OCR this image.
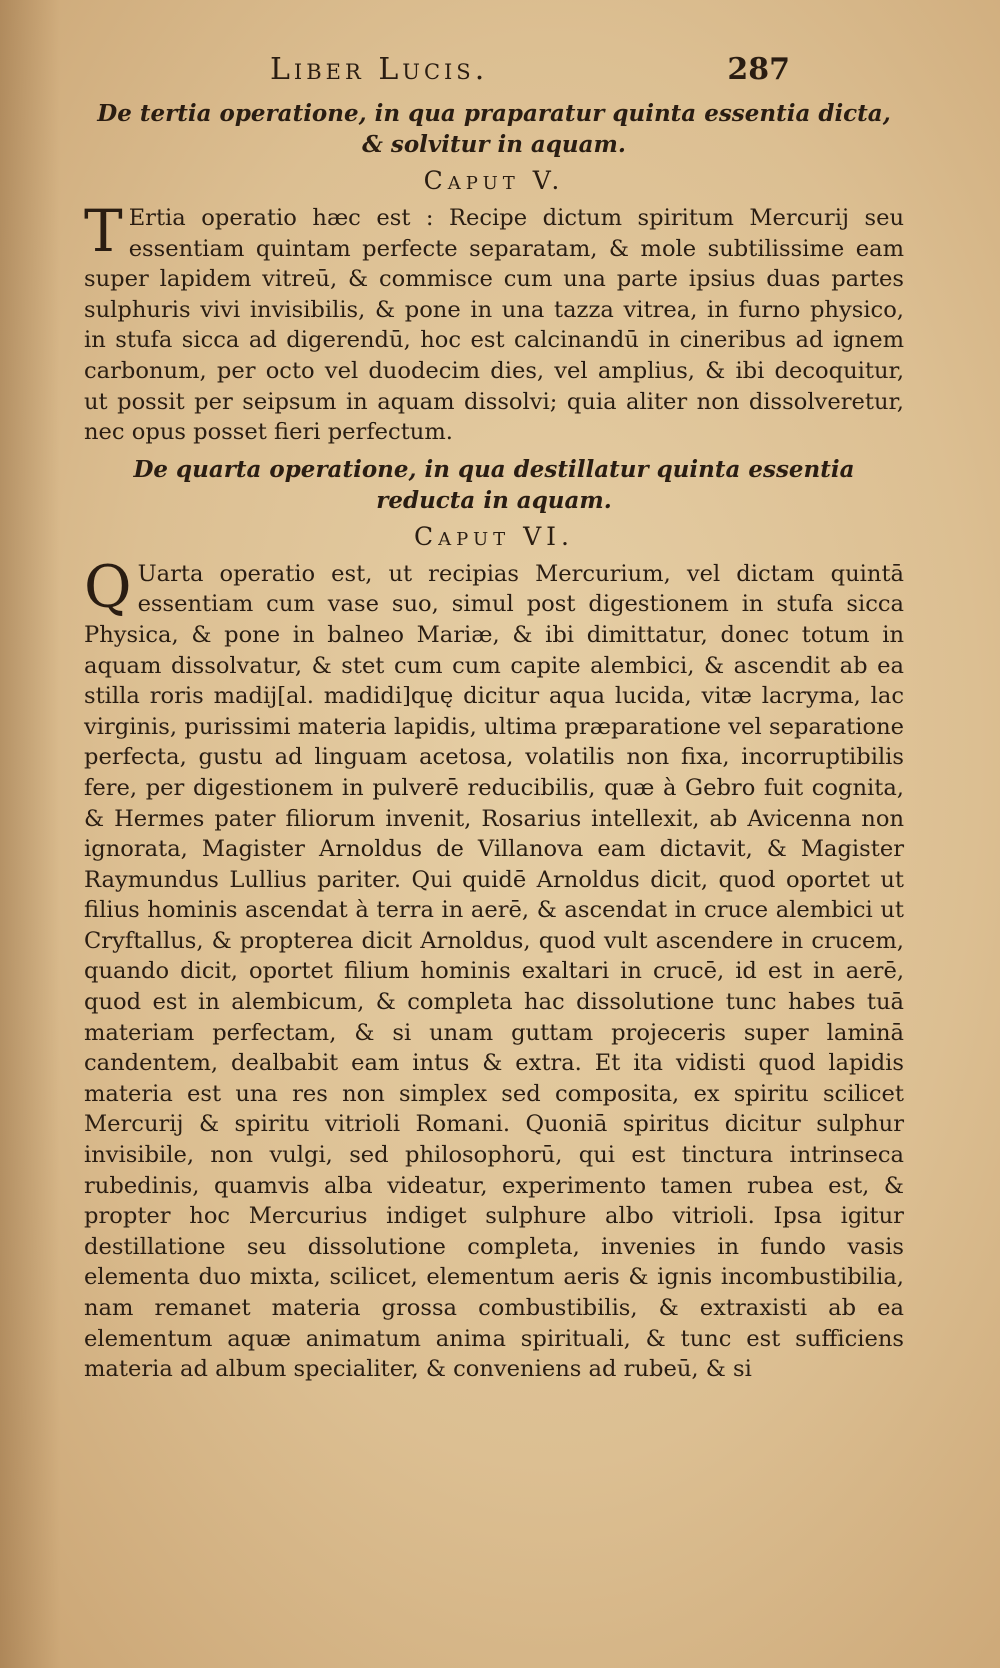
Liber Lucis.	287
De tertia operatione, in qua praparatur quinta essentia dicta, & solvitur in aquam.
Caput V.
T Ertia operatio hæc est : Recipe dictum spiritum Mercurij seu essentiam quintam perfecte separatam, & mole subtilissime eam super lapidem vitreū, & commisce cum una parte ipsius duas partes sulphuris vivi invisibilis, & pone in una tazza vitrea, in furno physico, in stufa sicca ad digerendū, hoc est calcinandū in cineribus ad ignem carbonum, per octo vel duodecim dies, vel amplius, & ibi decoquitur, ut possit per seipsum in aquam dissolvi; quia aliter non dissolveretur, nec opus posset fieri perfectum.
De quarta operatione, in qua destillatur quinta essentia reducta in aquam.
Caput VI.
Q Uarta operatio est, ut recipias Mercurium, vel dictam quintā essentiam cum vase suo, simul post digestionem in stufa sicca Physica, & pone in balneo Mariæ, & ibi dimittatur, donec totum in aquam dissolvatur, & stet cum cum capite alembici, & ascendit ab ea stilla roris madij[al. madidi]quę dicitur aqua lucida, vitæ lacryma, lac virginis, purissimi materia lapidis, ultima præparatione vel separatione perfecta, gustu ad linguam acetosa, volatilis non fixa, incorruptibilis fere, per digestionem in pulverē reducibilis, quæ à Gebro fuit cognita, & Hermes pater filiorum invenit, Rosarius intellexit, ab Avicenna non ignorata, Magister Arnoldus de Villanova eam dictavit, & Magister Raymundus Lullius pariter. Qui quidē Arnoldus dicit, quod oportet ut filius hominis ascendat à terra in aerē, & ascendat in cruce alembici ut Cryftallus, & propterea dicit Arnoldus, quod vult ascendere in crucem, quando dicit, oportet filium hominis exaltari in crucē, id est in aerē, quod est in alembicum, & completa hac dissolutione tunc habes tuā materiam perfectam, & si unam guttam projeceris super laminā candentem, dealbabit eam intus & extra. Et ita vidisti quod lapidis materia est una res non simplex sed composita, ex spiritu scilicet Mercurij & spiritu vitrioli Romani. Quoniā spiritus dicitur sulphur invisibile, non vulgi, sed philosophorū, qui est tinctura intrinseca rubedinis, quamvis alba videatur, experimento tamen rubea est, & propter hoc Mercurius indiget sulphure albo vitrioli. Ipsa igitur destillatione seu dissolutione completa, invenies in fundo vasis elementa duo mixta, scilicet, elementum aeris & ignis incombustibilia, nam remanet materia grossa combustibilis, & extraxisti ab ea elementum aquæ animatum anima spirituali, & tunc est sufficiens materia ad album specialiter, & conveniens ad rubeū, & si
